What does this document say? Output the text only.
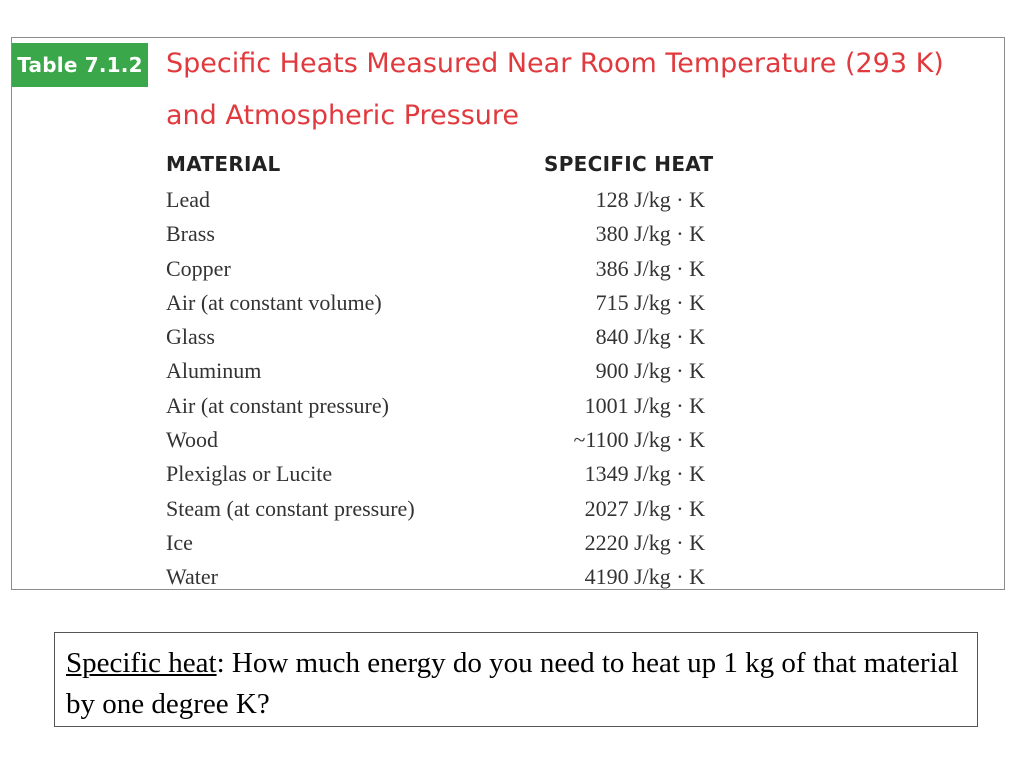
Table 7.1.2 Specific Heats Measured Near Room Temperature (293 K)
and Atmospheric Pressure
MATERIAL	SPECIFIC HEAT
Lead	128 J/kg · K
Brass	380 J/kg · K
Copper	386 J/kg · K
Air (at constant volume)	715 J/kg · K
Glass	840 J/kg · K
Aluminum	900 J/kg · K
Air (at constant pressure)	1001 J/kg · K
Wood	~1100 J/kg · K
Plexiglas or Lucite	1349 J/kg · K
Steam (at constant pressure)	2027 J/kg · K
Ice	2220 J/kg · K
Water	4190 J/kg · K
Specific heat: How much energy do you need to heat up 1 kg of that material by one degree K?
